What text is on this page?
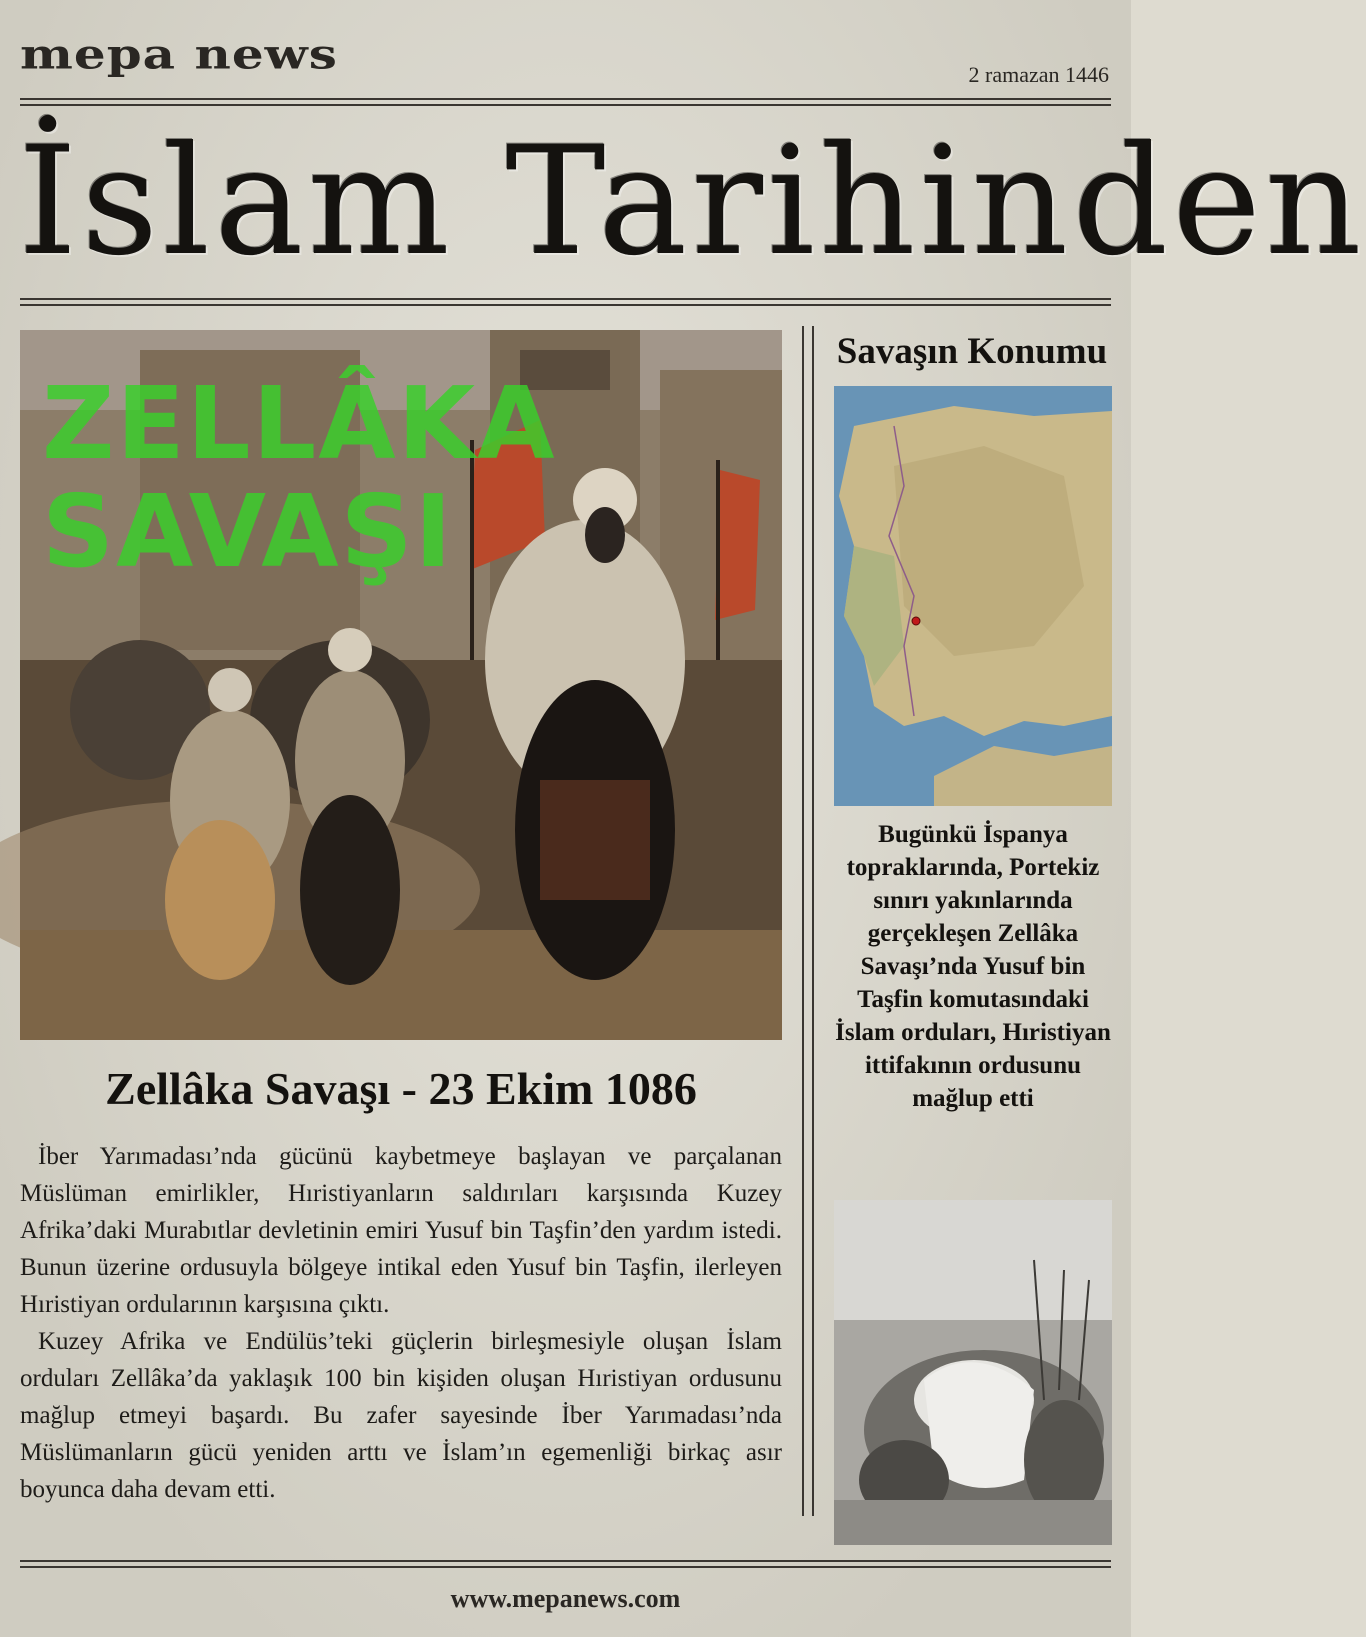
mepa news	2 ramazan 1446
İslam Tarihinden
ZELLÂKA
SAVAŞI
Zellâka Savaşı - 23 Ekim 1086

İber Yarımadası’nda gücünü kaybetmeye başlayan ve parçalanan Müslüman emirlikler, Hıristiyanların saldırıları karşısında Kuzey Afrika’daki Murabıtlar devletinin emiri Yusuf bin Taşfin’den yardım istedi. Bunun üzerine ordusuyla bölgeye intikal eden Yusuf bin Taşfin, ilerleyen Hıristiyan ordularının karşısına çıktı.

Kuzey Afrika ve Endülüs’teki güçlerin birleşmesiyle oluşan İslam orduları Zellâka’da yaklaşık 100 bin kişiden oluşan Hıristiyan ordusunu mağlup etmeyi başardı. Bu zafer sayesinde İber Yarımadası’nda Müslümanların gücü yeniden arttı ve İslam’ın egemenliği birkaç asır boyunca daha devam etti.

Savaşın Konumu
Bugünkü İspanya topraklarında, Portekiz sınırı yakınlarında gerçekleşen Zellâka Savaşı’nda Yusuf bin Taşfin komutasındaki İslam orduları, Hıristiyan ittifakının ordusunu mağlup etti
www.mepanews.com
